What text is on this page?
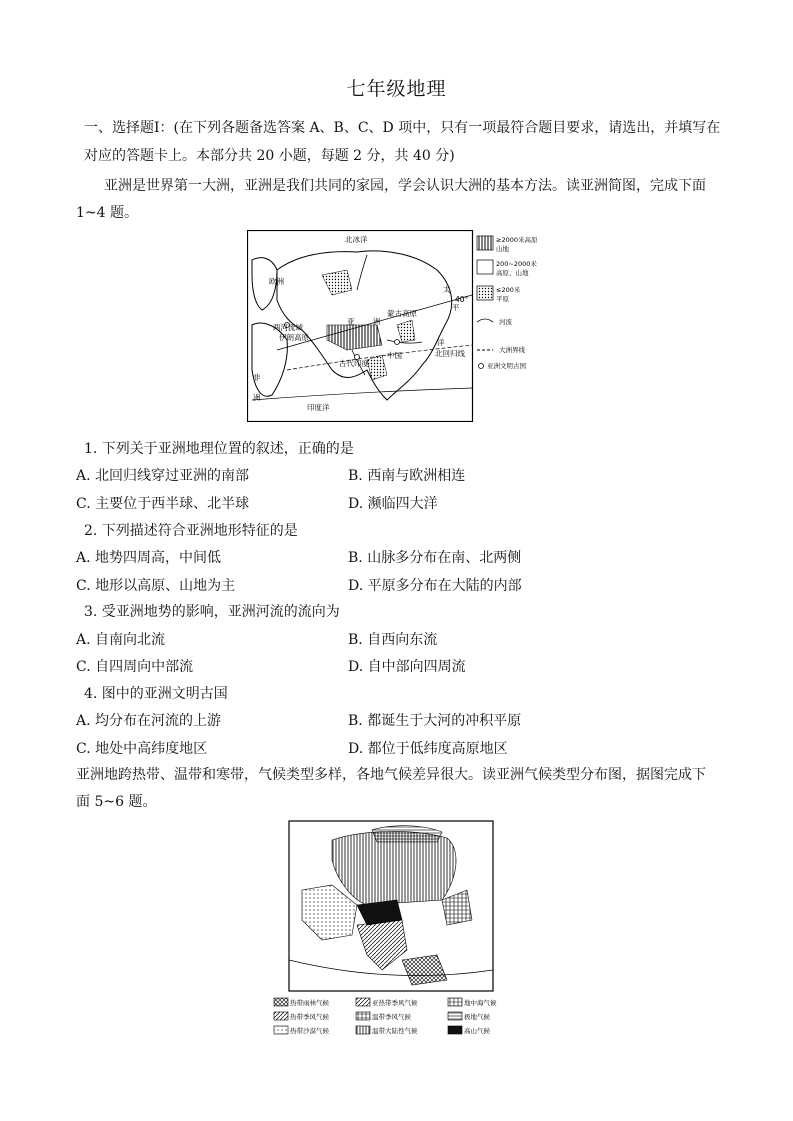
七年级地理
一、选择题Ⅰ：(在下列各题备选答案 A、B、C、D 项中，只有一项最符合题目要求，请选出，并填写在
对应的答题卡上。本部分共 20 小题，每题 2 分，共 40 分)
亚洲是世界第一大洲，亚洲是我们共同的家园，学会认识大洲的基本方法。读亚洲简图，完成下面
1~4 题。
北冰洋
欧洲
蒙古高原
亚 洲
两河流域
伊朗高原
中国
古代印度
非
洲
印度洋
太
平
洋
40°
北回归线
≥2000米高原
山地
200~2000米
高原、山地
≤200米
平原
河流
大洲界线
亚洲文明古国
1. 下列关于亚洲地理位置的叙述，正确的是
A. 北回归线穿过亚洲的南部	B. 西南与欧洲相连
C. 主要位于西半球、北半球	D. 濒临四大洋
2. 下列描述符合亚洲地形特征的是
A. 地势四周高，中间低	B. 山脉多分布在南、北两侧
C. 地形以高原、山地为主	D. 平原多分布在大陆的内部
3. 受亚洲地势的影响，亚洲河流的流向为
A. 自南向北流	B. 自西向东流
C. 自四周向中部流	D. 自中部向四周流
4. 图中的亚洲文明古国
A. 均分布在河流的上游	B. 都诞生于大河的冲积平原
C. 地处中高纬度地区	D. 都位于低纬度高原地区
亚洲地跨热带、温带和寒带，气候类型多样，各地气候差异很大。读亚洲气候类型分布图，据图完成下
面 5~6 题。
热带雨林气候	亚热带季风气候	地中海气候
热带季风气候	温带季风气候	极地气候
热带沙漠气候	温带大陆性气候	高山气候
